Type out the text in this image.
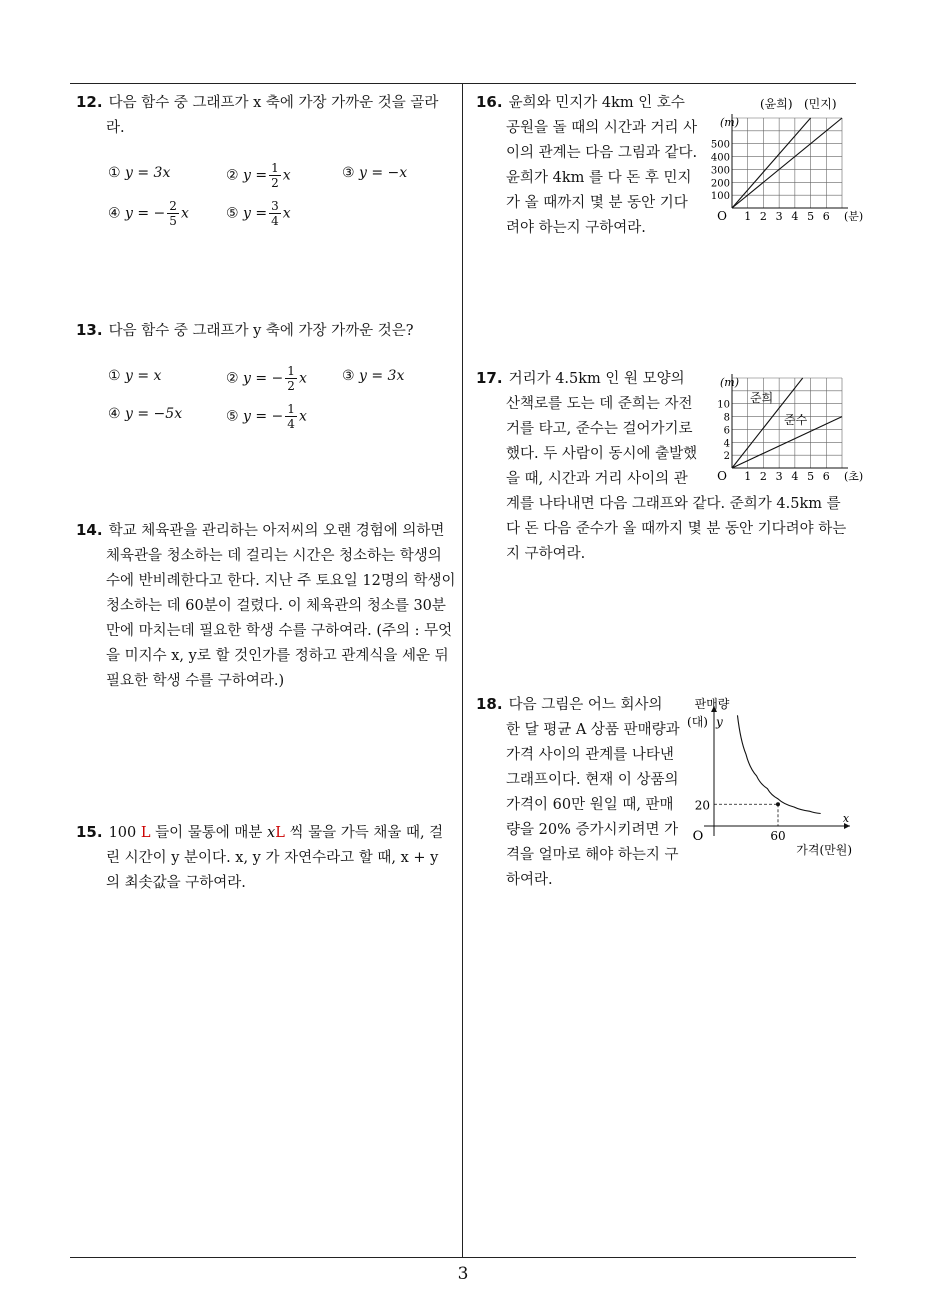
12. 다음 함수 중 그래프가 x 축에 가장 가까운 것을 골라라.

① y = 3x	② $y = \frac{1}{2}$ x	③ y = −x
④ y = − $\frac{2}{5}$ x	⑤ $y = \frac{3}{4}$ x

13. 다음 함수 중 그래프가 y 축에 가장 가까운 것은?

① y = x	② y = − $\frac{1}{2}$ x	③ y = 3x
④ y = −5x	⑤ y = − $\frac{1}{4}$ x

14. 학교 체육관을 관리하는 아저씨의 오랜 경험에 의하면 체육관을 청소하는 데 걸리는 시간은 청소하는 학생의 수에 반비례한다고 한다. 지난 주 토요일 12명의 학생이 청소하는 데 60분이 걸렸다. 이 체육관의 청소를 30분만에 마치는데 필요한 학생 수를 구하여라. (주의 : 무엇을 미지수 x, y로 할 것인가를 정하고 관계식을 세운 뒤 필요한 학생 수를 구하여라.)

15. 100 L 들이 물통에 매분 xL 씩 물을 가득 채울 때, 걸린 시간이 y 분이다. x, y 가 자연수라고 할 때, x + y 의 최솟값을 구하여라.

1 2 3 4 5 6
100
200
300
400
500
O	(분)
(m)
(윤희) (민지)

16. 윤희와 민지가 4km 인 호수 공원을 돌 때의 시간과 거리 사이의 관계는 다음 그림과 같다. 윤희가 4km 를 다 돈 후 민지가 올 때까지 몇 분 동안 기다려야 하는지 구하여라.

1 2 3 4 5 6
2
4
6
8
10
O	(초)
(m)
준희
준수

17. 거리가 4.5km 인 원 모양의 산책로를 도는 데 준희는 자전거를 타고, 준수는 걸어가기로 했다. 두 사람이 동시에 출발했을 때, 시간과 거리 사이의 관계를 나타내면 다음 그래프와 같다. 준희가 4.5km 를 다 돈 다음 준수가 올 때까지 몇 분 동안 기다려야 하는지 구하여라.

20
60
O
판매량
(대) y
x
가격(만원)

18. 다음 그림은 어느 회사의 한 달 평균 A 상품 판매량과 가격 사이의 관계를 나타낸 그래프이다. 현재 이 상품의 가격이 60만 원일 때, 판매량을 20% 증가시키려면 가격을 얼마로 해야 하는지 구하여라.

3
